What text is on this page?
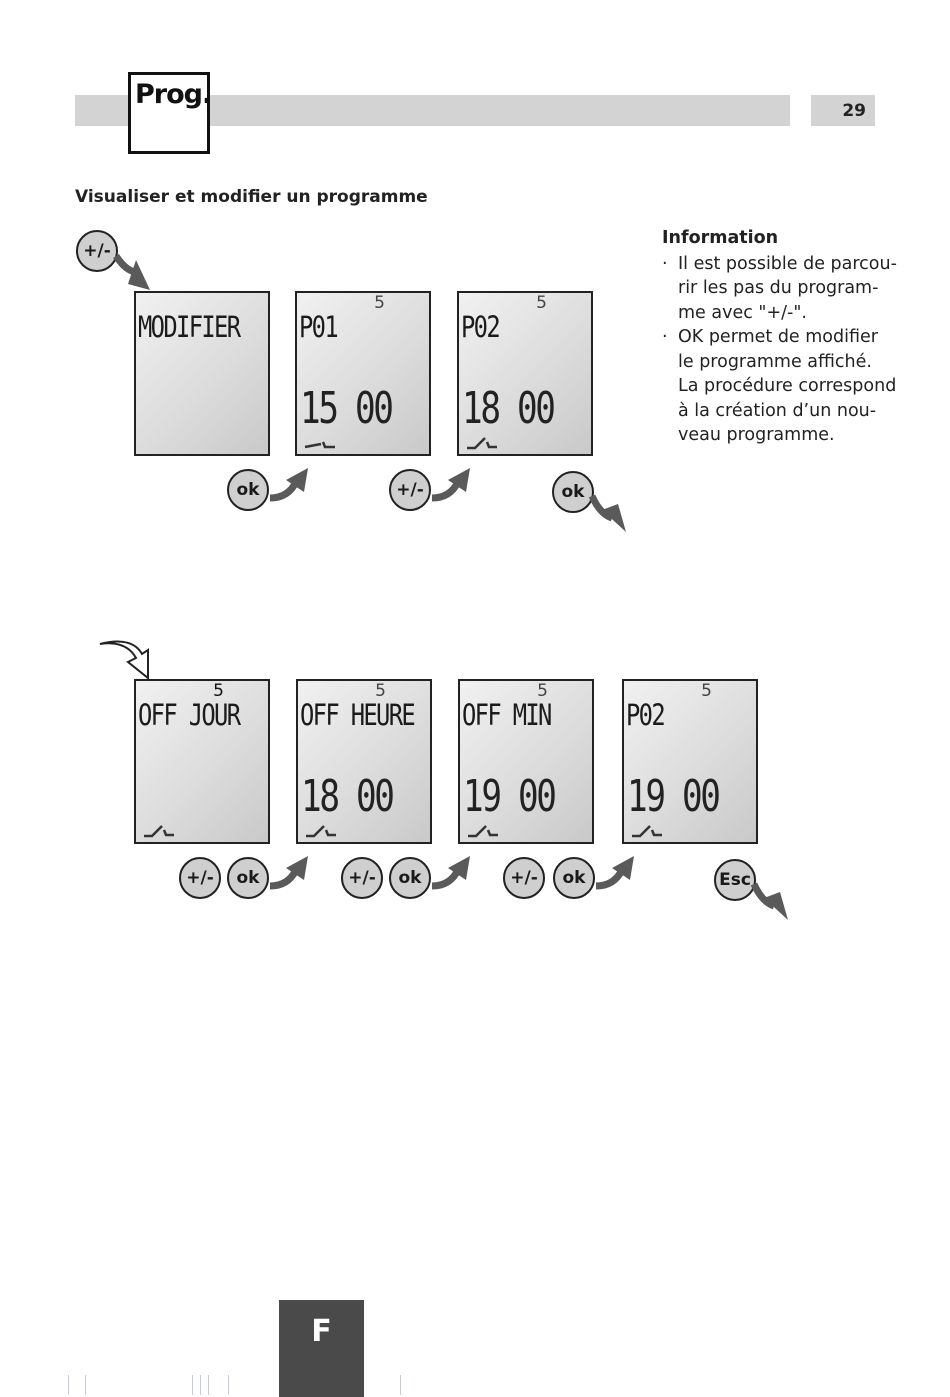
29
Prog.
Visualiser et modifier un programme
Information
· Il est possible de parcou-
rir les pas du program-
me avec "+/-".
· OK permet de modifier
le programme affiché.
La procédure correspond
à la création d’un nou-
veau programme.
+/-
MODIFIER
5
P01
15 00
5
P02
18 00
ok	+/-	ok
5
OFF JOUR
5
OFF HEURE
18 00
5
OFF MIN
19 00
5
P02
19 00
+/-	ok	+/-	ok	+/-	ok	Esc
F
